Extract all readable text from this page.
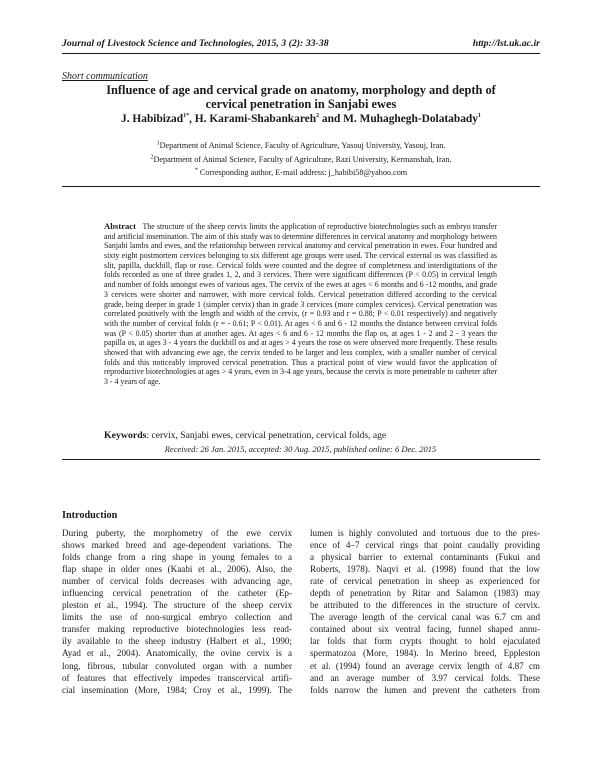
Journal of Livestock Science and Technologies, 2015, 3 (2): 33-38	http://lst.uk.ac.ir
Short communication
Influence of age and cervical grade on anatomy, morphology and depth of
cervical penetration in Sanjabi ewes
J. Habibizad$^{1*}$, H. Karami-Shabankareh$^2$ and M. Muhaghegh-Dolatabady$^1$
$^1$Department of Animal Science, Faculty of Agriculture, Yasouj University, Yasouj, Iran.
$^2$Department of Animal Science, Faculty of Agriculture, Razi University, Kermanshah, Iran.
* Corresponding author, E-mail address: j_habibi58@yahoo.com
Abstract The structure of the sheep cervix limits the application of reproductive biotechnologies such as embryo transfer and artificial insemination. The aim of this study was to determine differences in cervical anatomy and morphology between Sanjabi lambs and ewes, and the relationship between cervical anatomy and cervical penetration in ewes. Four hundred and sixty eight postmortem cervices belonging to six different age groups were used. The cervical external os was classified as slit, papilla, duckbill, flap or rose. Cervical folds were counted and the degree of completeness and interdigitations of the folds recorded as one of three grades 1, 2, and 3 cervices. There were significant differences (P < 0.05) in cervical length and number of folds amongst ewes of various ages. The cervix of the ewes at ages < 6 months and 6 -12 months, and grade 3 cervices were shorter and narrower, with more cervical folds. Cervical penetration differed according to the cervical grade, being deeper in grade 1 (simpler cervix) than in grade 3 cervices (more complex cervices). Cervical penetration was correlated positively with the length and width of the cervix, (r = 0.93 and r = 0.88; P < 0.01 respectively) and negatively with the number of cervical folds (r = - 0.61; P < 0.01). At ages < 6 and 6 - 12 months the distance between cervical folds was (P < 0.05) shorter than at another ages. At ages < 6 and 6 - 12 months the flap os, at ages 1 - 2 and 2 - 3 years the papilla os, at ages 3 - 4 years the duckbill os and at ages > 4 years the rose os were observed more frequently. These results showed that with advancing ewe age, the cervix tended to be larger and less complex, with a smaller number of cervical folds and this noticeably improved cervical penetration. Thus a practical point of view would favor the application of reproductive biotechnologies at ages > 4 years, even in 3-4 age years, because the cervix is more penetrable to catheter after 3 - 4 years of age.
Keywords: cervix, Sanjabi ewes, cervical penetration, cervical folds, age
Received: 26 Jan. 2015, accepted: 30 Aug. 2015, published online: 6 Dec. 2015
Introduction
During puberty, the morphometry of the ewe cervix
shows marked breed and age-dependent variations. The
folds change from a ring shape in young females to a
flap shape in older ones (Kaabi et al., 2006). Also, the
number of cervical folds decreases with advancing age,
influencing cervical penetration of the catheter (Ep-
pleston et al., 1994). The structure of the sheep cervix
limits the use of non-surgical embryo collection and
transfer making reproductive biotechnologies less read-
ily available to the sheep industry (Halbert et al., 1990;
Ayad et al., 2004). Anatomically, the ovine cervix is a
long, fibrous, tubular convoluted organ with a number
of features that effectively impedes transcervical artifi-
cial insemination (More, 1984; Croy et al., 1999). The
lumen is highly convoluted and tortuous due to the pres-
ence of 4–7 cervical rings that point caudally providing
a physical barrier to external contaminants (Fukui and
Roberts, 1978). Naqvi et al. (1998) found that the low
rate of cervical penetration in sheep as experienced for
depth of penetration by Ritar and Salamon (1983) may
be attributed to the differences in the structure of cervix.
The average length of the cervical canal was 6.7 cm and
contained about six ventral facing, funnel shaped annu-
lar folds that form crypts thought to hold ejaculated
spermatozoa (More, 1984). In Merino breed, Eppleston
et al. (1994) found an average cervix length of 4.87 cm
and an average number of 3.97 cervical folds. These
folds narrow the lumen and prevent the catheters from
